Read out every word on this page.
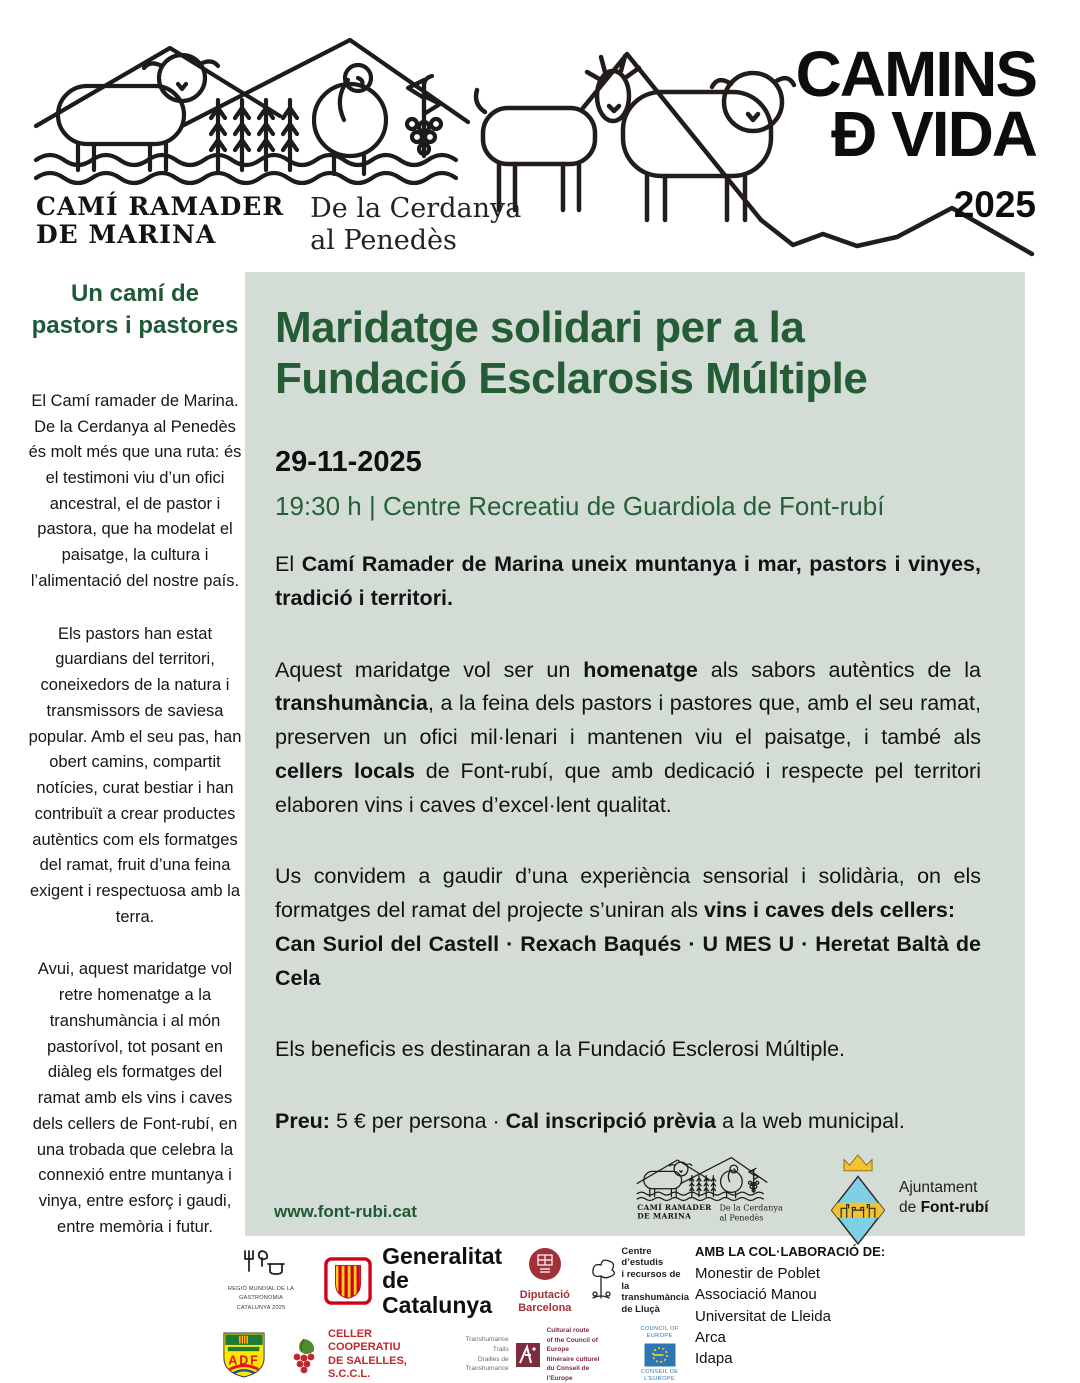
CAMÍ RAMADER
DE MARINA
De la Cerdanya
al Penedès
CAMINS
Đ VIDA
2025
Un camí de pastors i pastores

El Camí ramader de Marina. De la Cerdanya al Penedès és molt més que una ruta: és el testimoni viu d’un ofici ancestral, el de pastor i pastora, que ha modelat el paisatge, la cultura i l’alimentació del nostre país.

Els pastors han estat guardians del territori, coneixedors de la natura i transmissors de saviesa popular. Amb el seu pas, han obert camins, compartit notícies, curat bestiar i han contribuït a crear productes autèntics com els formatges del ramat, fruit d’una feina exigent i respectuosa amb la terra.

Avui, aquest maridatge vol retre homenatge a la transhumància i al món pastorívol, tot posant en diàleg els formatges del ramat amb els vins i caves dels cellers de Font-rubí, en una trobada que celebra la connexió entre muntanya i vinya, entre esforç i gaudi, entre memòria i futur.

Maridatge solidari per a la Fundació Esclarosis Múltiple
29-11-2025
19:30 h | Centre Recreatiu de Guardiola de Font-rubí

El Camí Ramader de Marina uneix muntanya i mar, pastors i vinyes, tradició i territori.

Aquest maridatge vol ser un homenatge als sabors autèntics de la transhumància, a la feina dels pastors i pastores que, amb el seu ramat, preserven un ofici mil·lenari i mantenen viu el paisatge, i també als cellers locals de Font-rubí, que amb dedicació i respecte pel territori elaboren vins i caves d’excel·lent qualitat.

Us convidem a gaudir d’una experiència sensorial i solidària, on els formatges del ramat del projecte s’uniran als vins i caves dels cellers:
Can Suriol del Castell · Rexach Baqués · U MES U · Heretat Baltà de Cela

Els beneficis es destinaran a la Fundació Esclerosi Múltiple.

Preu: 5 € per persona · Cal inscripció prèvia a la web municipal.

www.font-rubi.cat	CAMÍ RAMADER
DE MARINA
De la Cerdanya
al Penedès
Ajuntament
de Font-rubí
REGIÓ MUNDIAL DE LA GASTRONOMIA
CATALUNYA 2025
Generalitat
de Catalunya	Diputació
Barcelona
Centre d’estudis
i recursos de
la transhumància
de Lluçà
ADF
CELLER COOPERATIU
DE SALELLES, S.C.C.L.
Transhumance Trails
Drailles de Transhumance
Cultural route
of the Council of Europe
Itinéraire culturel
du Conseil de l’Europe
COUNCIL OF EUROPE
CONSEIL DE L'EUROPE
AMB LA COL·LABORACIÓ DE:
Monestir de Poblet
Associació Manou
Universitat de Lleida
Arca
Idapa
